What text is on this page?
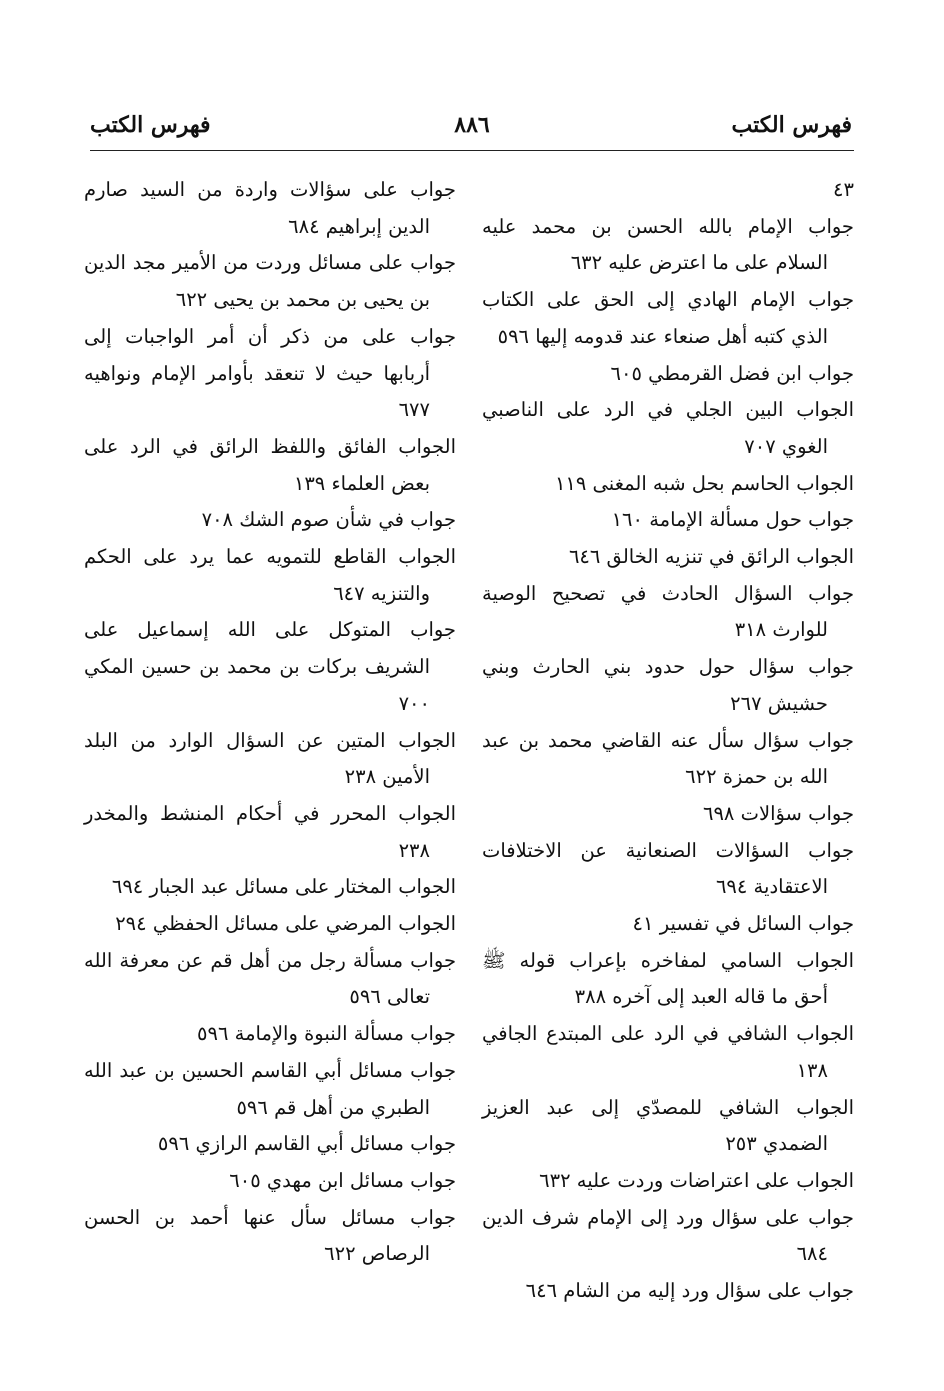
فهرس الكتب
٨٨٦
فهرس الكتب
٤٣
جواب الإمام بالله الحسن بن محمد عليه السلام على ما اعترض عليه ٦٣٢
جواب الإمام الهادي إلى الحق على الكتاب الذي كتبه أهل صنعاء عند قدومه إليها ٥٩٦
جواب ابن فضل القرمطي ٦٠٥
الجواب البين الجلي في الرد على الناصبي الغوي ٧٠٧
الجواب الحاسم بحل شبه المغنى ١١٩
جواب حول مسألة الإمامة ١٦٠
الجواب الرائق في تنزيه الخالق ٦٤٦
جواب السؤال الحادث في تصحيح الوصية للوارث ٣١٨
جواب سؤال حول حدود بني الحارث وبني حشيش ٢٦٧
جواب سؤال سأل عنه القاضي محمد بن عبد الله بن حمزة ٦٢٢
جواب سؤالات ٦٩٨
جواب السؤالات الصنعانية عن الاختلافات الاعتقادية ٦٩٤
جواب السائل في تفسير ٤١
الجواب السامي لمفاخره بإعراب قوله ﷺ أحق ما قاله العبد إلى آخره ٣٨٨
الجواب الشافي في الرد على المبتدع الجافي ١٣٨
الجواب الشافي للمصدّي إلى عبد العزيز الضمدي ٢٥٣
الجواب على اعتراضات وردت عليه ٦٣٢
جواب على سؤال ورد إلى الإمام شرف الدين ٦٨٤
جواب على سؤال ورد إليه من الشام ٦٤٦
جواب على سؤالات واردة من السيد صارم الدين إبراهيم ٦٨٤
جواب على مسائل وردت من الأمير مجد الدين بن يحيى بن محمد بن يحيى ٦٢٢
جواب على من ذكر أن أمر الواجبات إلى أربابها حيث لا تنعقد بأوامر الإمام ونواهيه ٦٧٧
الجواب الفائق واللفظ الرائق في الرد على بعض العلماء ١٣٩
جواب في شأن صوم الشك ٧٠٨
الجواب القاطع للتمويه عما يرد على الحكم والتنزيه ٦٤٧
جواب المتوكل على الله إسماعيل على الشريف بركات بن محمد بن حسين المكي ٧٠٠
الجواب المتين عن السؤال الوارد من البلد الأمين ٢٣٨
الجواب المحرر في أحكام المنشط والمخدر ٢٣٨
الجواب المختار على مسائل عبد الجبار ٦٩٤
الجواب المرضي على مسائل الحفظي ٢٩٤
جواب مسألة رجل من أهل قم عن معرفة الله تعالى ٥٩٦
جواب مسألة النبوة والإمامة ٥٩٦
جواب مسائل أبي القاسم الحسين بن عبد الله الطبري من أهل قم ٥٩٦
جواب مسائل أبي القاسم الرازي ٥٩٦
جواب مسائل ابن مهدي ٦٠٥
جواب مسائل سأل عنها أحمد بن الحسن الرصاص ٦٢٢
